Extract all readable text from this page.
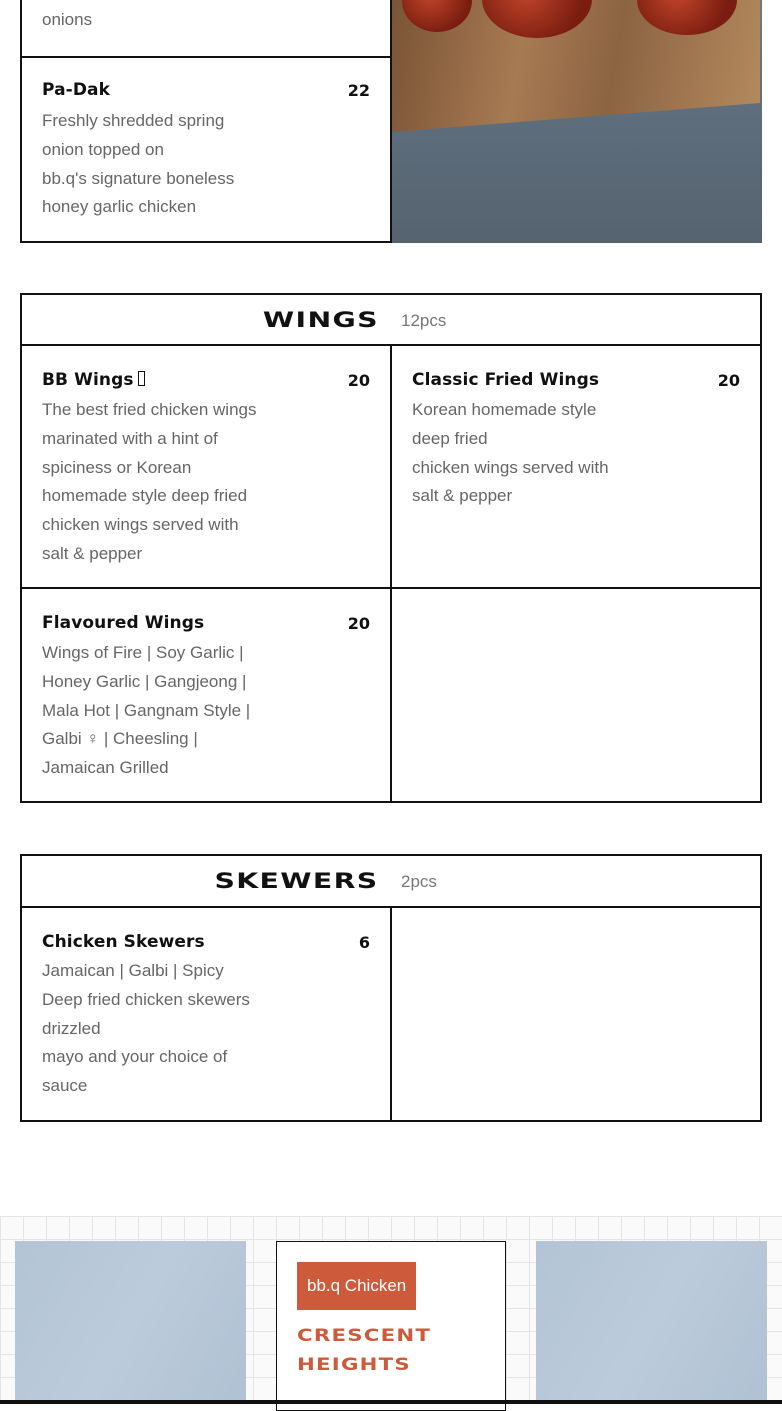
onions
Pa-Dak	22
Freshly shredded spring
onion topped on
bb.q's signature boneless
honey garlic chicken
WINGS 12pcs
BB Wings	20
The best fried chicken wings
marinated with a hint of
spiciness or Korean
homemade style deep fried
chicken wings served with
salt & pepper
Classic Fried Wings	20
Korean homemade style
deep fried
chicken wings served with
salt & pepper
Flavoured Wings	20
Wings of Fire | Soy Garlic |
Honey Garlic | Gangjeong |
Mala Hot | Gangnam Style |
Galbi ♀ | Cheesling |
Jamaican Grilled
SKEWERS 2pcs
Chicken Skewers	6
Jamaican | Galbi | Spicy
Deep fried chicken skewers
drizzled
mayo and your choice of
sauce
bb.q Chicken
CRESCENT
HEIGHTS
